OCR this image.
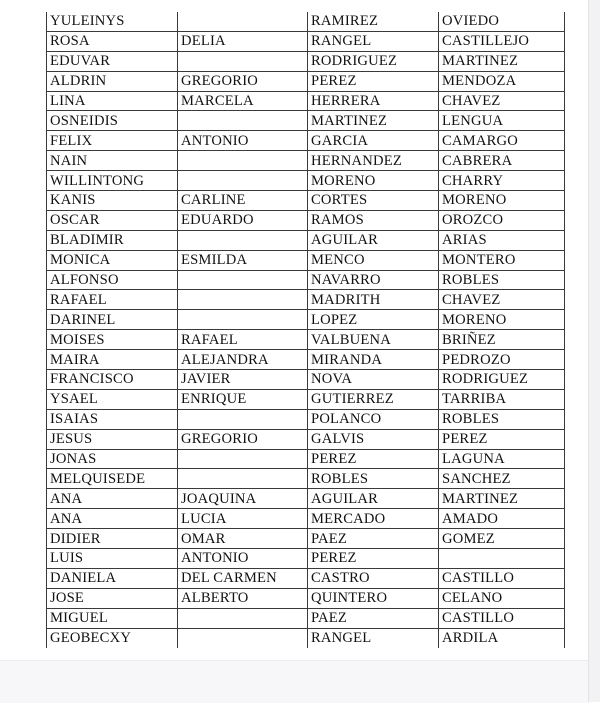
YULEINYS		RAMIREZ	OVIEDO
ROSA	DELIA	RANGEL	CASTILLEJO
EDUVAR		RODRIGUEZ	MARTINEZ
ALDRIN	GREGORIO	PEREZ	MENDOZA
LINA	MARCELA	HERRERA	CHAVEZ
OSNEIDIS		MARTINEZ	LENGUA
FELIX	ANTONIO	GARCIA	CAMARGO
NAIN		HERNANDEZ	CABRERA
WILLINTONG		MORENO	CHARRY
KANIS	CARLINE	CORTES	MORENO
OSCAR	EDUARDO	RAMOS	OROZCO
BLADIMIR		AGUILAR	ARIAS
MONICA	ESMILDA	MENCO	MONTERO
ALFONSO		NAVARRO	ROBLES
RAFAEL		MADRITH	CHAVEZ
DARINEL		LOPEZ	MORENO
MOISES	RAFAEL	VALBUENA	BRIÑEZ
MAIRA	ALEJANDRA	MIRANDA	PEDROZO
FRANCISCO	JAVIER	NOVA	RODRIGUEZ
YSAEL	ENRIQUE	GUTIERREZ	TARRIBA
ISAIAS		POLANCO	ROBLES
JESUS	GREGORIO	GALVIS	PEREZ
JONAS		PEREZ	LAGUNA
MELQUISEDE		ROBLES	SANCHEZ
ANA	JOAQUINA	AGUILAR	MARTINEZ
ANA	LUCIA	MERCADO	AMADO
DIDIER	OMAR	PAEZ	GOMEZ
LUIS	ANTONIO	PEREZ	
DANIELA	DEL CARMEN	CASTRO	CASTILLO
JOSE	ALBERTO	QUINTERO	CELANO
MIGUEL		PAEZ	CASTILLO
GEOBECXY		RANGEL	ARDILA
